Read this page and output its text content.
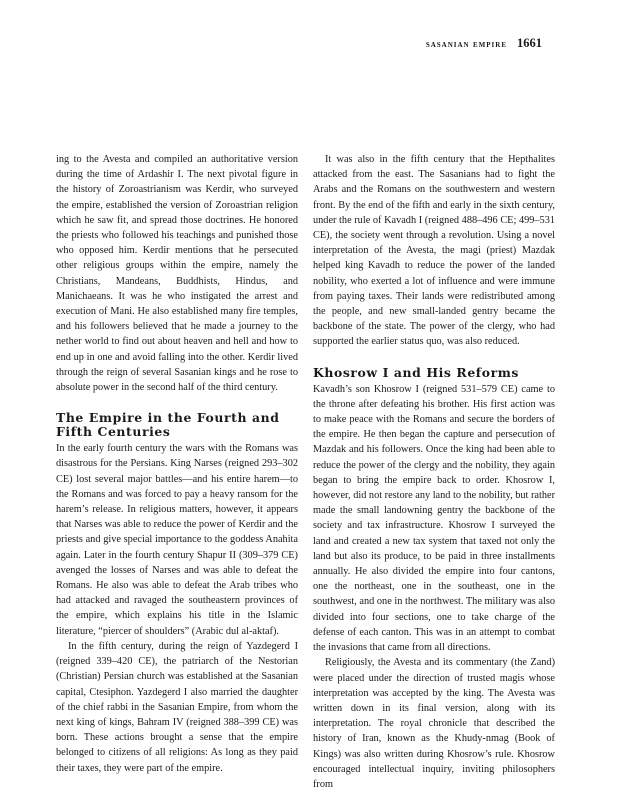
sasanian empire 1661

ing to the Avesta and compiled an authoritative version during the time of Ardashir I. The next pivotal figure in the history of Zoroastrianism was Kerdir, who surveyed the empire, established the version of Zoroastrian religion which he saw fit, and spread those doctrines. He honored the priests who followed his teachings and punished those who opposed him. Kerdir mentions that he persecuted other religious groups within the empire, namely the Christians, Mandeans, Buddhists, Hindus, and Manichaeans. It was he who instigated the arrest and execution of Mani. He also established many fire temples, and his followers believed that he made a journey to the nether world to find out about heaven and hell and how to end up in one and avoid falling into the other. Kerdir lived through the reign of several Sasanian kings and he rose to absolute power in the second half of the third century.

The Empire in the Fourth and Fifth Centuries

In the early fourth century the wars with the Romans was disastrous for the Persians. King Narses (reigned 293–302 CE) lost several major battles—and his entire harem—to the Romans and was forced to pay a heavy ransom for the harem’s release. In religious matters, however, it appears that Narses was able to reduce the power of Kerdir and the priests and give special importance to the goddess Anahita again. Later in the fourth century Shapur II (309–379 CE) avenged the losses of Narses and was able to defeat the Romans. He also was able to defeat the Arab tribes who had attacked and ravaged the southeastern provinces of the empire, which explains his title in the Islamic literature, “piercer of shoulders” (Arabic dul al-aktaf).

In the fifth century, during the reign of Yazdegerd I (reigned 339–420 CE), the patriarch of the Nestorian (Christian) Persian church was established at the Sasanian capital, Ctesiphon. Yazdegerd I also married the daughter of the chief rabbi in the Sasanian Empire, from whom the next king of kings, Bahram IV (reigned 388–399 CE) was born. These actions brought a sense that the empire belonged to citizens of all religions: As long as they paid their taxes, they were part of the empire.

It was also in the fifth century that the Hepthalites attacked from the east. The Sasanians had to fight the Arabs and the Romans on the southwestern and western front. By the end of the fifth and early in the sixth century, under the rule of Kavadh I (reigned 488–496 CE; 499–531 CE), the society went through a revolution. Using a novel interpretation of the Avesta, the magi (priest) Mazdak helped king Kavadh to reduce the power of the landed nobility, who exerted a lot of influence and were immune from paying taxes. Their lands were redistributed among the people, and new small-landed gentry became the backbone of the state. The power of the clergy, who had supported the earlier status quo, was also reduced.

Khosrow I and His Reforms

Kavadh’s son Khosrow I (reigned 531–579 CE) came to the throne after defeating his brother. His first action was to make peace with the Romans and secure the borders of the empire. He then began the capture and persecution of Mazdak and his followers. Once the king had been able to reduce the power of the clergy and the nobility, they again began to bring the empire back to order. Khosrow I, however, did not restore any land to the nobility, but rather made the small landowning gentry the backbone of the society and tax infrastructure. Khosrow I surveyed the land and created a new tax system that taxed not only the land but also its produce, to be paid in three installments annually. He also divided the empire into four cantons, one the northeast, one in the southeast, one in the southwest, and one in the northwest. The military was also divided into four sections, one to take charge of the defense of each canton. This was in an attempt to combat the invasions that came from all directions.

Religiously, the Avesta and its commentary (the Zand) were placed under the direction of trusted magis whose interpretation was accepted by the king. The Avesta was written down in its final version, along with its interpretation. The royal chronicle that described the history of Iran, known as the Khudy-nmag (Book of Kings) was also written during Khosrow’s rule. Khosrow encouraged intellectual inquiry, inviting philosophers from
